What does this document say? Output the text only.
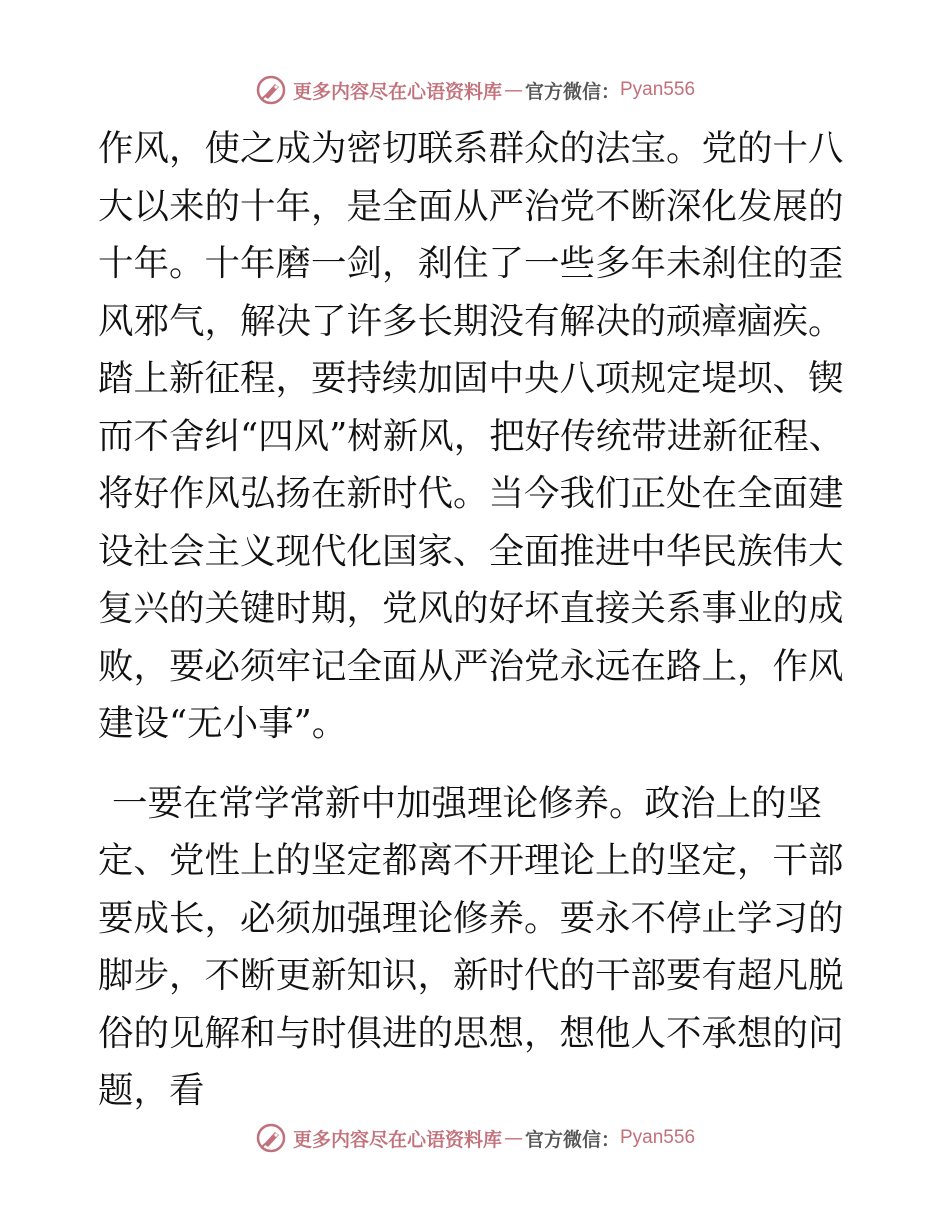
更多内容尽在心语资料库 — 官方微信： Pyan556

作风，使之成为密切联系群众的法宝。党的十八大以来的十年，是全面从严治党不断深化发展的十年。十年磨一剑，刹住了一些多年未刹住的歪风邪气，解决了许多长期没有解决的顽瘴痼疾。踏上新征程，要持续加固中央八项规定堤坝、锲而不舍纠“四风”树新风，把好传统带进新征程、将好作风弘扬在新时代。当今我们正处在全面建设社会主义现代化国家、全面推进中华民族伟大复兴的关键时期，党风的好坏直接关系事业的成败，要必须牢记全面从严治党永远在路上，作风建设“无小事”。

一要在常学常新中加强理论修养。政治上的坚定、党性上的坚定都离不开理论上的坚定，干部要成长，必须加强理论修养。要永不停止学习的脚步，不断更新知识，新时代的干部要有超凡脱俗的见解和与时俱进的思想，想他人不承想的问题，看

更多内容尽在心语资料库 — 官方微信： Pyan556
